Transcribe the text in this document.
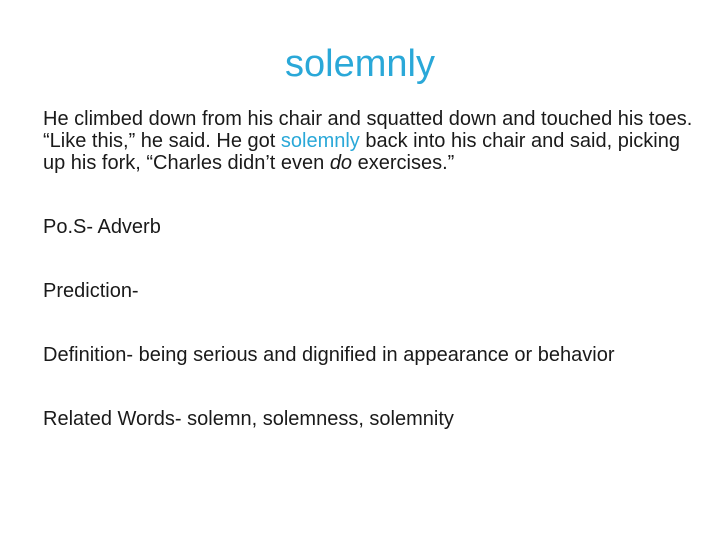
solemnly

He climbed down from his chair and squatted down and touched his toes. “Like this,” he said. He got solemnly back into his chair and said, picking up his fork, “Charles didn’t even do exercises.”

Po.S- Adverb

Prediction-

Definition- being serious and dignified in appearance or behavior

Related Words- solemn, solemness, solemnity
